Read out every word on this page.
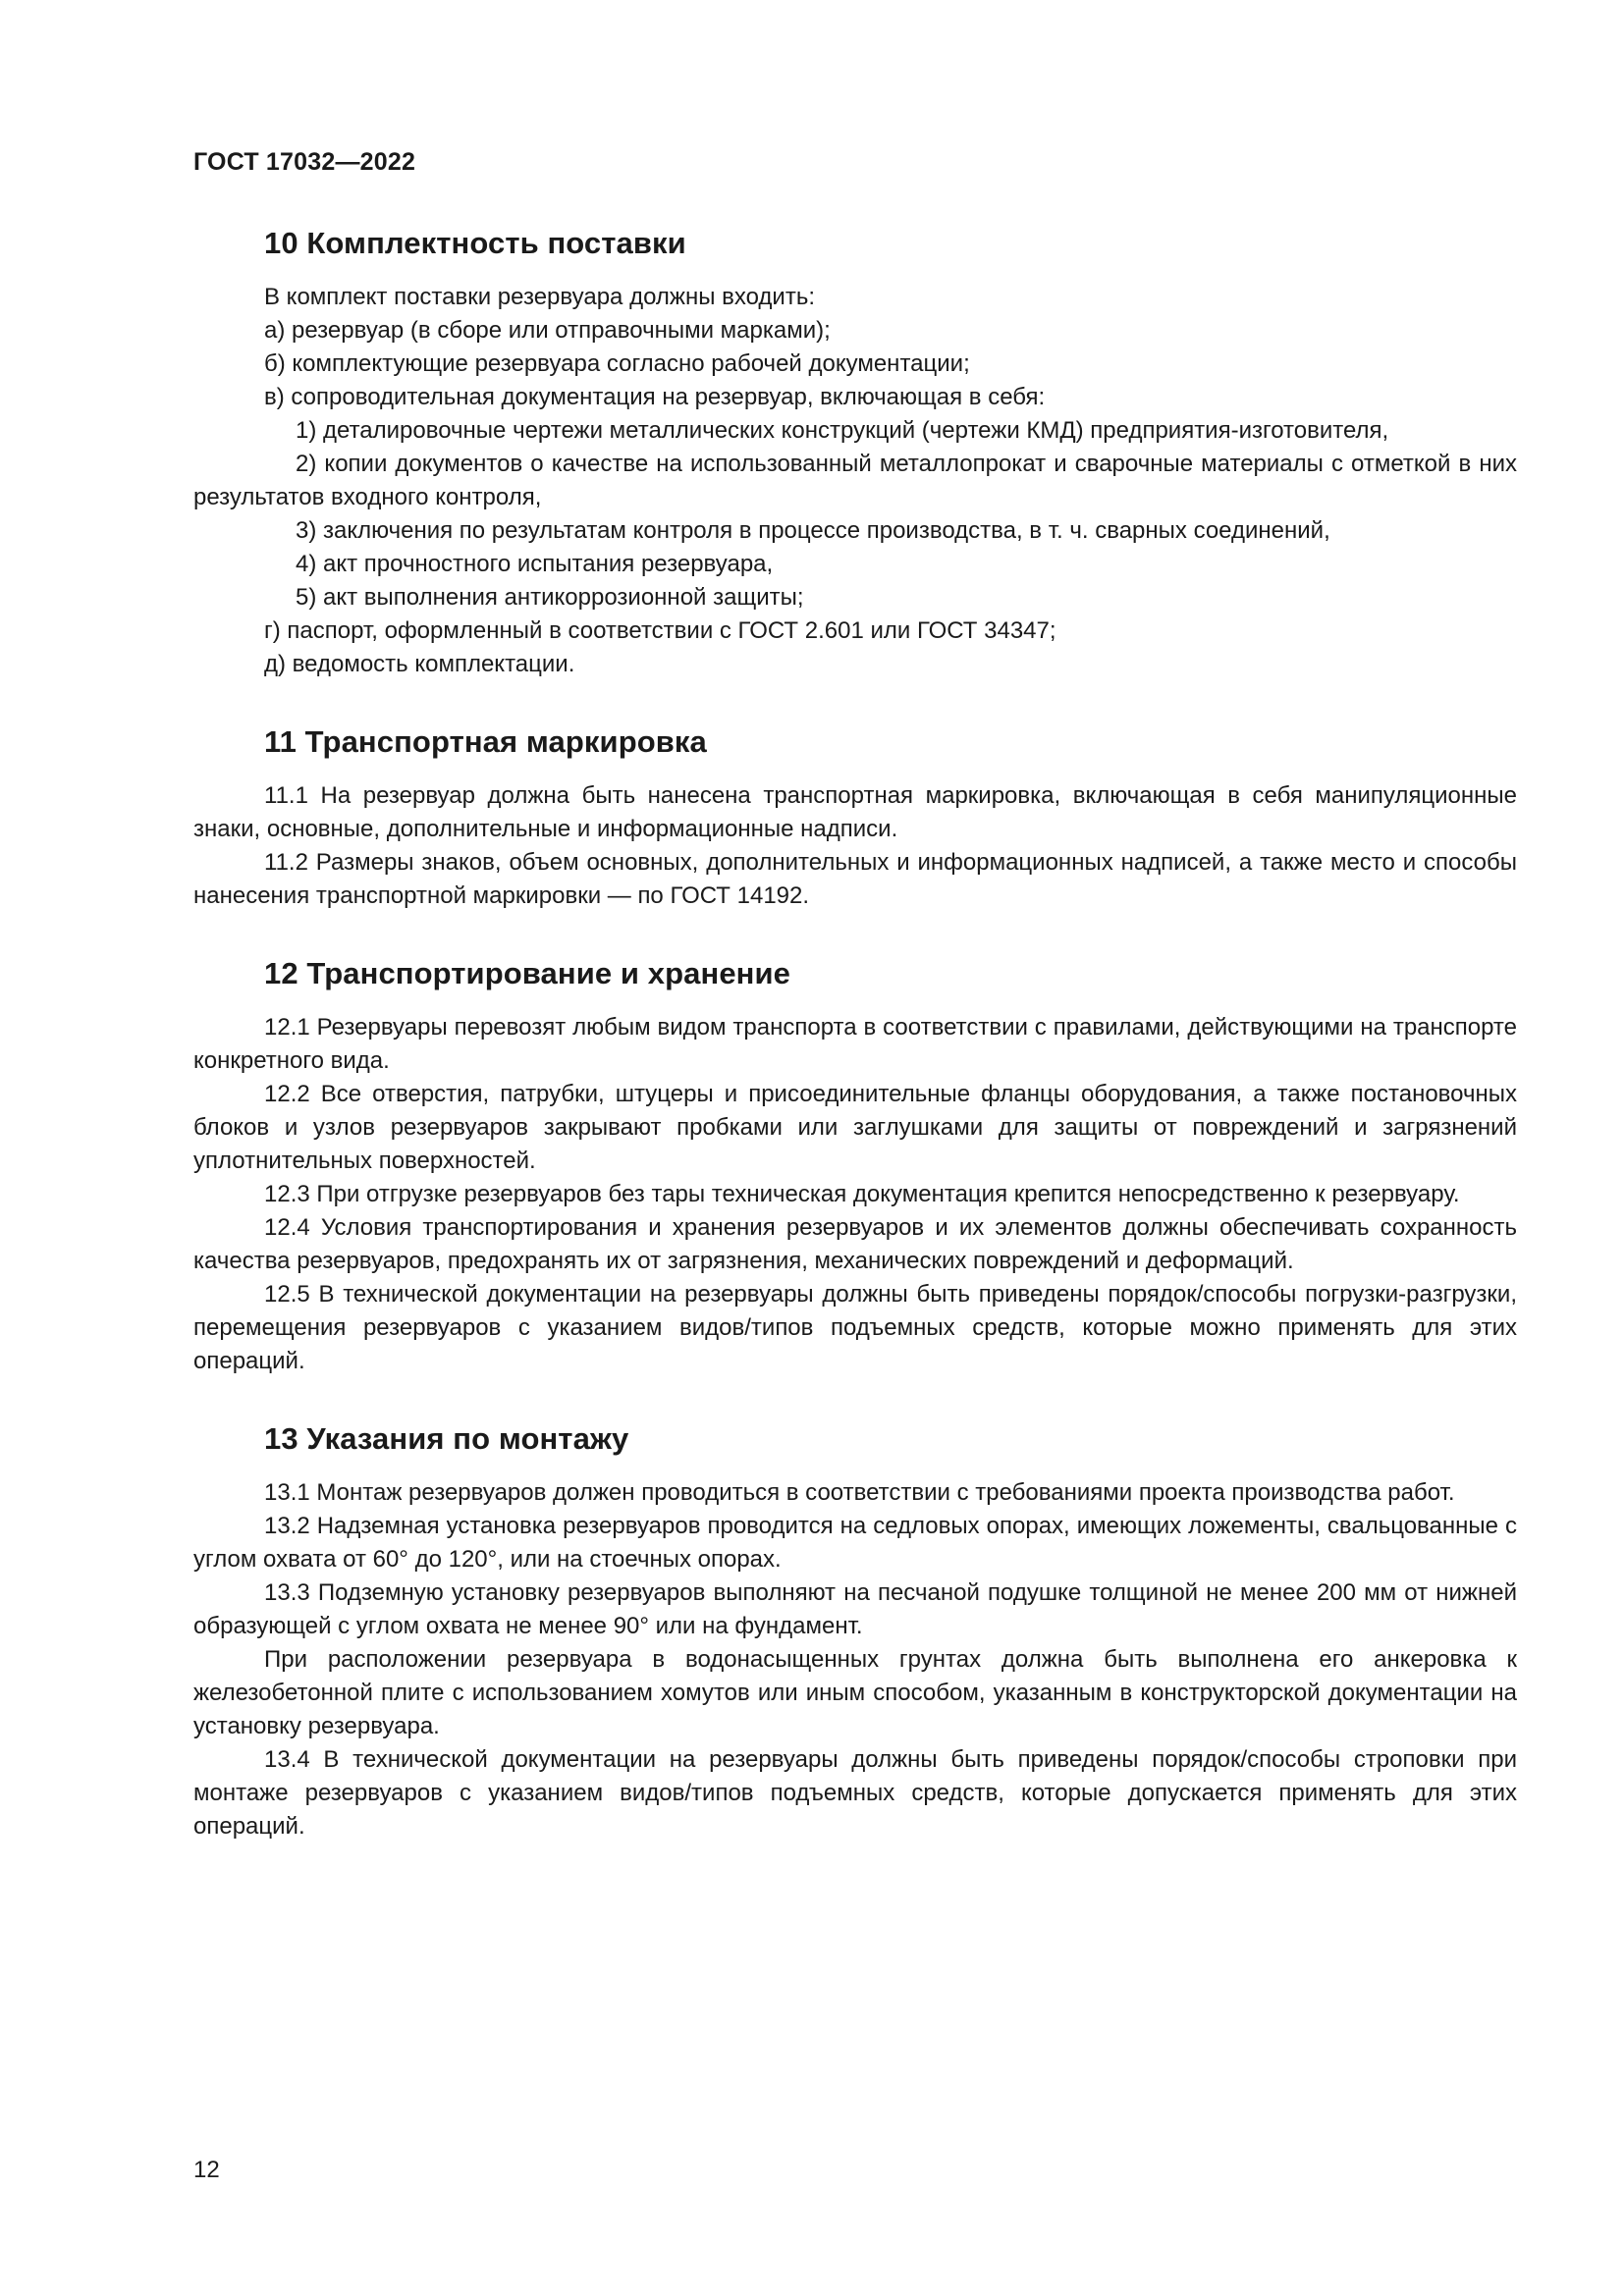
ГОСТ 17032—2022
10 Комплектность поставки

В комплект поставки резервуара должны входить:

а) резервуар (в сборе или отправочными марками);

б) комплектующие резервуара согласно рабочей документации;

в) сопроводительная документация на резервуар, включающая в себя:

1) деталировочные чертежи металлических конструкций (чертежи КМД) предприятия-изготовителя,

2) копии документов о качестве на использованный металлопрокат и сварочные материалы с отметкой в них результатов входного контроля,

3) заключения по результатам контроля в процессе производства, в т. ч. сварных соединений,

4) акт прочностного испытания резервуара,

5) акт выполнения антикоррозионной защиты;

г) паспорт, оформленный в соответствии с ГОСТ 2.601 или ГОСТ 34347;

д) ведомость комплектации.

11 Транспортная маркировка

11.1 На резервуар должна быть нанесена транспортная маркировка, включающая в себя манипуляционные знаки, основные, дополнительные и информационные надписи.

11.2 Размеры знаков, объем основных, дополнительных и информационных надписей, а также место и способы нанесения транспортной маркировки — по ГОСТ 14192.

12 Транспортирование и хранение

12.1 Резервуары перевозят любым видом транспорта в соответствии с правилами, действующими на транспорте конкретного вида.

12.2 Все отверстия, патрубки, штуцеры и присоединительные фланцы оборудования, а также постановочных блоков и узлов резервуаров закрывают пробками или заглушками для защиты от повреждений и загрязнений уплотнительных поверхностей.

12.3 При отгрузке резервуаров без тары техническая документация крепится непосредственно к резервуару.

12.4 Условия транспортирования и хранения резервуаров и их элементов должны обеспечивать сохранность качества резервуаров, предохранять их от загрязнения, механических повреждений и деформаций.

12.5 В технической документации на резервуары должны быть приведены порядок/способы погрузки-разгрузки, перемещения резервуаров с указанием видов/типов подъемных средств, которые можно применять для этих операций.

13 Указания по монтажу

13.1 Монтаж резервуаров должен проводиться в соответствии с требованиями проекта производства работ.

13.2 Надземная установка резервуаров проводится на седловых опорах, имеющих ложементы, свальцованные с углом охвата от 60° до 120°, или на стоечных опорах.

13.3 Подземную установку резервуаров выполняют на песчаной подушке толщиной не менее 200 мм от нижней образующей с углом охвата не менее 90° или на фундамент.

При расположении резервуара в водонасыщенных грунтах должна быть выполнена его анкеровка к железобетонной плите с использованием хомутов или иным способом, указанным в конструкторской документации на установку резервуара.

13.4 В технической документации на резервуары должны быть приведены порядок/способы строповки при монтаже резервуаров с указанием видов/типов подъемных средств, которые допускается применять для этих операций.

12
